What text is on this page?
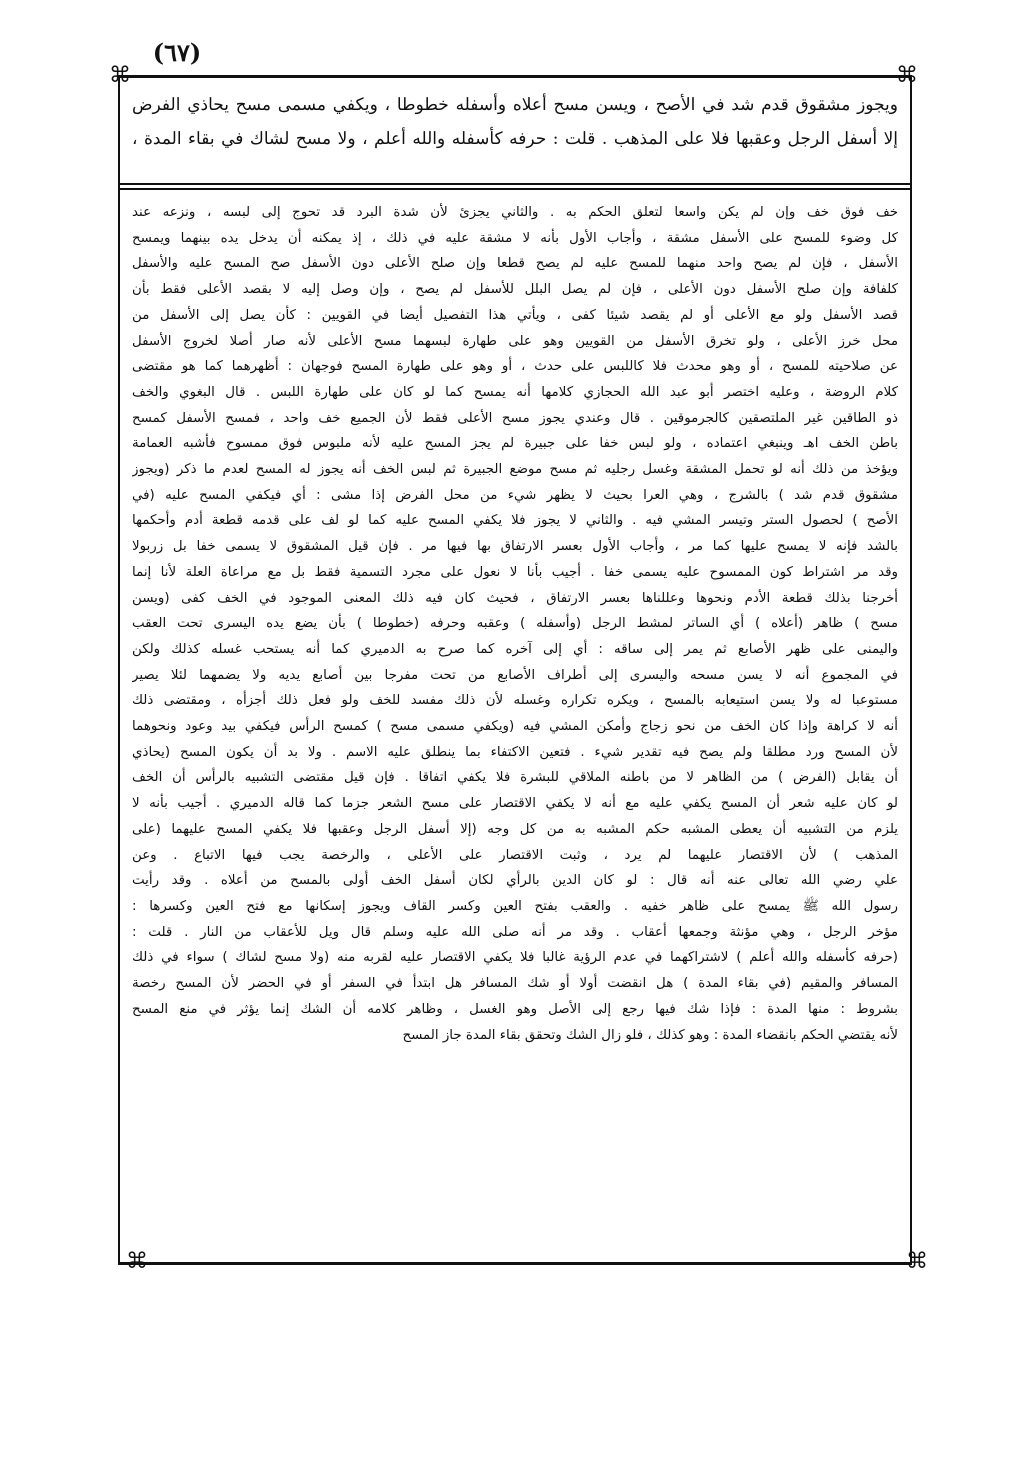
(٦٧)
⌘	⌘
⌘	⌘
ويجوز مشقوق قدم شد في الأصح ، ويسن مسح أعلاه وأسفله خطوطا ، ويكفي مسمى مسح يحاذي الفرض
إلا أسفل الرجل وعقبها فلا على المذهب . قلت : حرفه كأسفله والله أعلم ، ولا مسح لشاك في بقاء المدة ،
خف فوق خف وإن لم يكن واسعا لتعلق الحكم به . والثاني يجزئ لأن شدة البرد قد تحوج إلى لبسه ، ونزعه عند
كل وضوء للمسح على الأسفل مشقة ، وأجاب الأول بأنه لا مشقة عليه في ذلك ، إذ يمكنه أن يدخل يده بينهما ويمسح
الأسفل ، فإن لم يصح واحد منهما للمسح عليه لم يصح قطعا وإن صلح الأعلى دون الأسفل صح المسح عليه والأسفل
كلفافة وإن صلح الأسفل دون الأعلى ، فإن لم يصل البلل للأسفل لم يصح ، وإن وصل إليه لا بقصد الأعلى فقط بأن
قصد الأسفل ولو مع الأعلى أو لم يقصد شيئا كفى ، ويأتي هذا التفصيل أيضا في القويين : كأن يصل إلى الأسفل من
محل خرز الأعلى ، ولو تخرق الأسفل من القويين وهو على طهارة لبسهما مسح الأعلى لأنه صار أصلا لخروج الأسفل
عن صلاحيته للمسح ، أو وهو محدث فلا كاللبس على حدث ، أو وهو على طهارة المسح فوجهان : أظهرهما كما هو مقتضى
كلام الروضة ، وعليه اختصر أبو عبد الله الحجازي كلامها أنه يمسح كما لو كان على طهارة اللبس . قال البغوي والخف
ذو الطاقين غير الملتصقين كالجرموقين . قال وعندي يجوز مسح الأعلى فقط لأن الجميع خف واحد ، فمسح الأسفل كمسح
باطن الخف اهـ وينبغي اعتماده ، ولو لبس خفا على جبيرة لم يجز المسح عليه لأنه ملبوس فوق ممسوح فأشبه العمامة
ويؤخذ من ذلك أنه لو تحمل المشقة وغسل رجليه ثم مسح موضع الجبيرة ثم لبس الخف أنه يجوز له المسح لعدم ما ذكر (ويجوز
مشقوق قدم شد ) بالشرج ، وهي العرا بحيث لا يظهر شيء من محل الفرض إذا مشى : أي فيكفي المسح عليه (في
الأصح ) لحصول الستر وتيسر المشي فيه . والثاني لا يجوز فلا يكفي المسح عليه كما لو لف على قدمه قطعة أدم وأحكمها
بالشد فإنه لا يمسح عليها كما مر ، وأجاب الأول بعسر الارتفاق بها فيها مر . فإن قيل المشقوق لا يسمى خفا بل زربولا
وقد مر اشتراط كون الممسوح عليه يسمى خفا . أجيب بأنا لا نعول على مجرد التسمية فقط بل مع مراعاة العلة لأنا إنما
أخرجنا بذلك قطعة الأدم ونحوها وعللناها بعسر الارتفاق ، فحيث كان فيه ذلك المعنى الموجود في الخف كفى (ويسن
مسح ) ظاهر (أعلاه ) أي الساتر لمشط الرجل (وأسفله ) وعقبه وحرفه (خطوطا ) بأن يضع يده اليسرى تحت العقب
واليمنى على ظهر الأصابع ثم يمر إلى ساقه : أي إلى آخره كما صرح به الدميري كما أنه يستحب غسله كذلك ولكن
في المجموع أنه لا يسن مسحه واليسرى إلى أطراف الأصابع من تحت مفرجا بين أصابع يديه ولا يضمهما لئلا يصير
مستوعبا له ولا يسن استيعابه بالمسح ، ويكره تكراره وغسله لأن ذلك مفسد للخف ولو فعل ذلك أجزأه ، ومقتضى ذلك
أنه لا كراهة وإذا كان الخف من نحو زجاج وأمكن المشي فيه (ويكفي مسمى مسح ) كمسح الرأس فيكفي بيد وعود ونحوهما
لأن المسح ورد مطلقا ولم يصح فيه تقدير شيء . فتعين الاكتفاء بما ينطلق عليه الاسم . ولا بد أن يكون المسح (يحاذي
أن يقابل (الفرض ) من الظاهر لا من باطنه الملاقي للبشرة فلا يكفي اتفاقا . فإن قيل مقتضى التشبيه بالرأس أن الخف
لو كان عليه شعر أن المسح يكفي عليه مع أنه لا يكفي الاقتصار على مسح الشعر جزما كما قاله الدميري . أجيب بأنه لا
يلزم من التشبيه أن يعطى المشبه حكم المشبه به من كل وجه (إلا أسفل الرجل وعقبها فلا يكفي المسح عليهما (على
المذهب ) لأن الاقتصار عليهما لم يرد ، وثبت الاقتصار على الأعلى ، والرخصة يجب فيها الاتباع . وعن
علي رضي الله تعالى عنه أنه قال : لو كان الدين بالرأي لكان أسفل الخف أولى بالمسح من أعلاه . وقد رأيت
رسول الله ﷺ يمسح على ظاهر خفيه . والعقب بفتح العين وكسر القاف ويجوز إسكانها مع فتح العين وكسرها :
مؤخر الرجل ، وهي مؤنثة وجمعها أعقاب . وقد مر أنه صلى الله عليه وسلم قال ويل للأعقاب من النار . قلت :
(حرفه كأسفله والله أعلم ) لاشتراكهما في عدم الرؤية غالبا فلا يكفي الاقتصار عليه لقربه منه (ولا مسح لشاك ) سواء في ذلك
المسافر والمقيم (في بقاء المدة ) هل انقضت أولا أو شك المسافر هل ابتدأ في السفر أو في الحضر لأن المسح رخصة
بشروط : منها المدة : فإذا شك فيها رجع إلى الأصل وهو الغسل ، وظاهر كلامه أن الشك إنما يؤثر في منع المسح
لأنه يقتضي الحكم بانقضاء المدة : وهو كذلك ، فلو زال الشك وتحقق بقاء المدة جاز المسح
